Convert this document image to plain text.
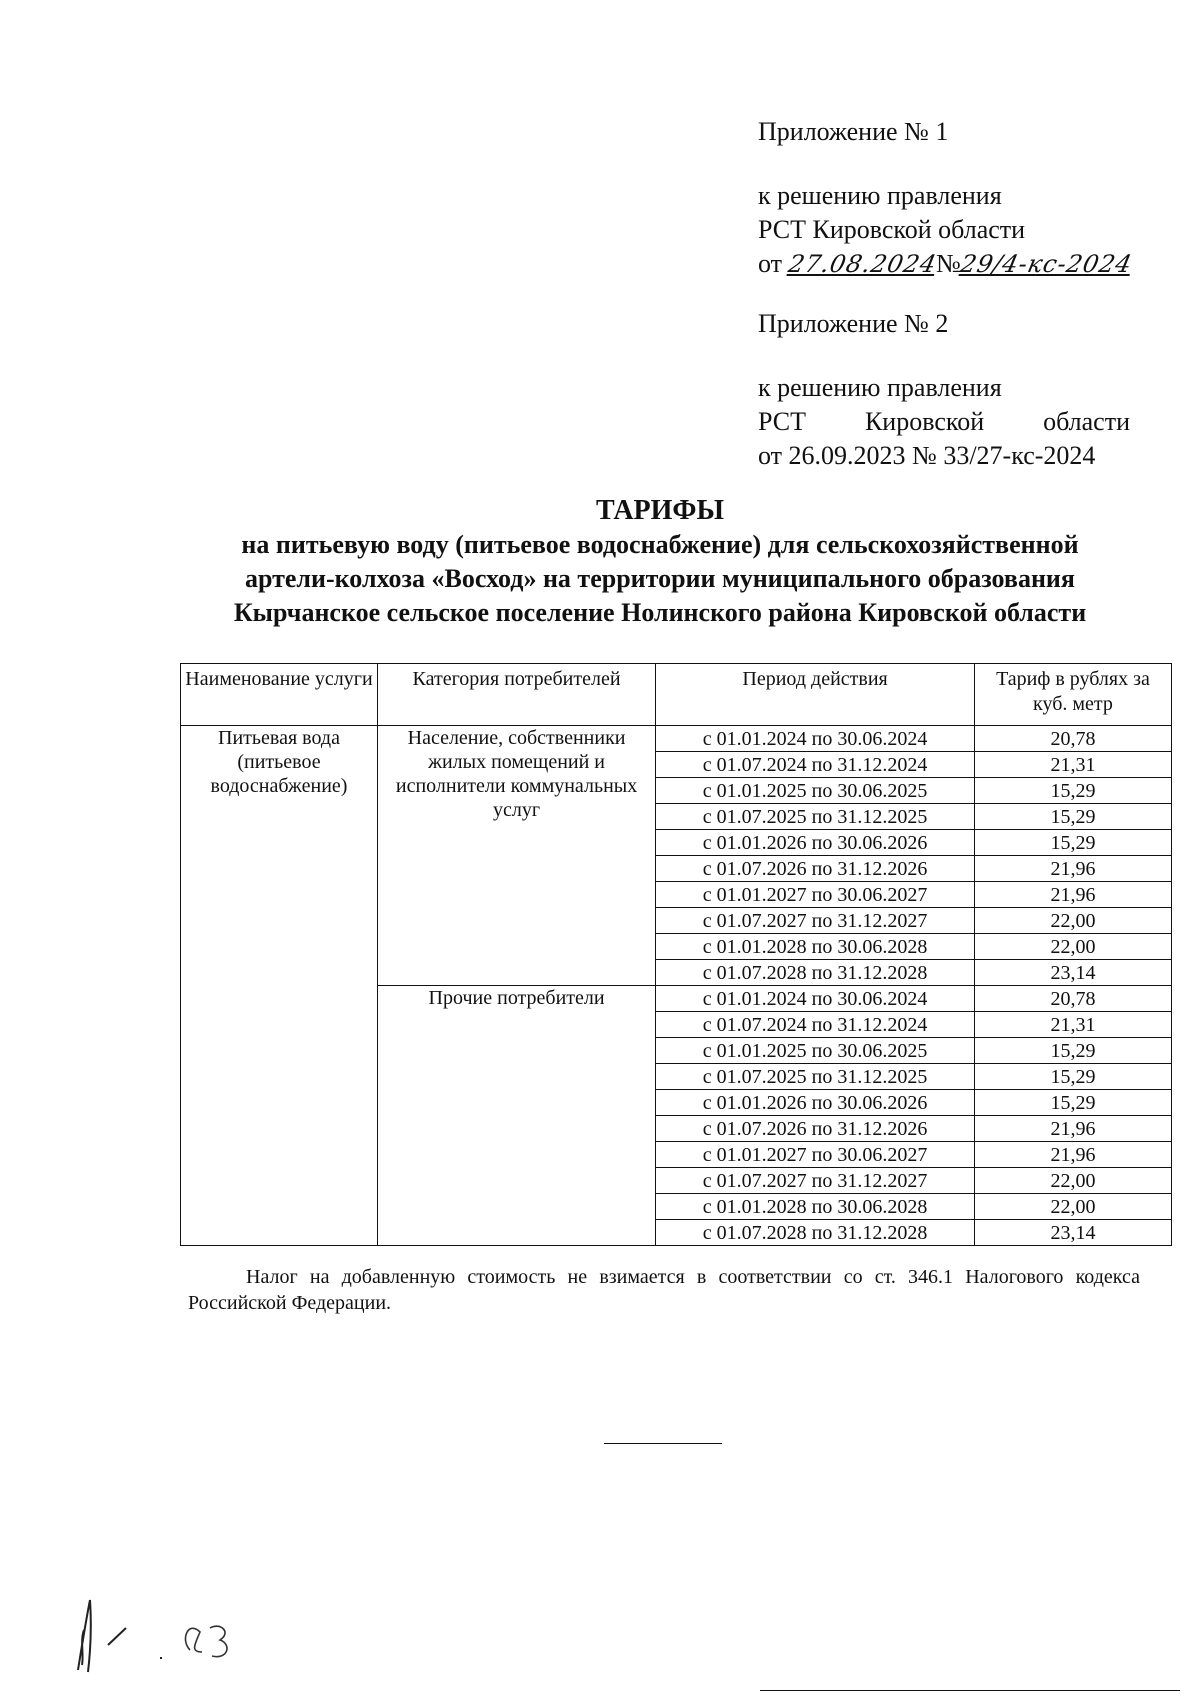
Приложение № 1
к решению правления
РСТ Кировской области
от 27.08.2024№29/4-кс-2024
Приложение № 2
к решению правления
РСТ Кировской области
от 26.09.2023 № 33/27-кс-2024
ТАРИФЫ
на питьевую воду (питьевое водоснабжение) для сельскохозяйственной
артели-колхоза «Восход» на территории муниципального образования
Кырчанское сельское поселение Нолинского района Кировской области
Наименование услуги	Категория потребителей	Период действия	Тариф в рублях за куб. метр
Питьевая вода (питьевое водоснабжение)	Население, собственники жилых помещений и исполнители коммунальных услуг	с 01.01.2024 по 30.06.2024	20,78
		с 01.07.2024 по 31.12.2024	21,31
		с 01.01.2025 по 30.06.2025	15,29
		с 01.07.2025 по 31.12.2025	15,29
		с 01.01.2026 по 30.06.2026	15,29
		с 01.07.2026 по 31.12.2026	21,96
		с 01.01.2027 по 30.06.2027	21,96
		с 01.07.2027 по 31.12.2027	22,00
		с 01.01.2028 по 30.06.2028	22,00
		с 01.07.2028 по 31.12.2028	23,14
	Прочие потребители	с 01.01.2024 по 30.06.2024	20,78
		с 01.07.2024 по 31.12.2024	21,31
		с 01.01.2025 по 30.06.2025	15,29
		с 01.07.2025 по 31.12.2025	15,29
		с 01.01.2026 по 30.06.2026	15,29
		с 01.07.2026 по 31.12.2026	21,96
		с 01.01.2027 по 30.06.2027	21,96
		с 01.07.2027 по 31.12.2027	22,00
		с 01.01.2028 по 30.06.2028	22,00
		с 01.07.2028 по 31.12.2028	23,14
Налог на добавленную стоимость не взимается в соответствии со ст. 346.1 Налогового кодекса Российской Федерации.
